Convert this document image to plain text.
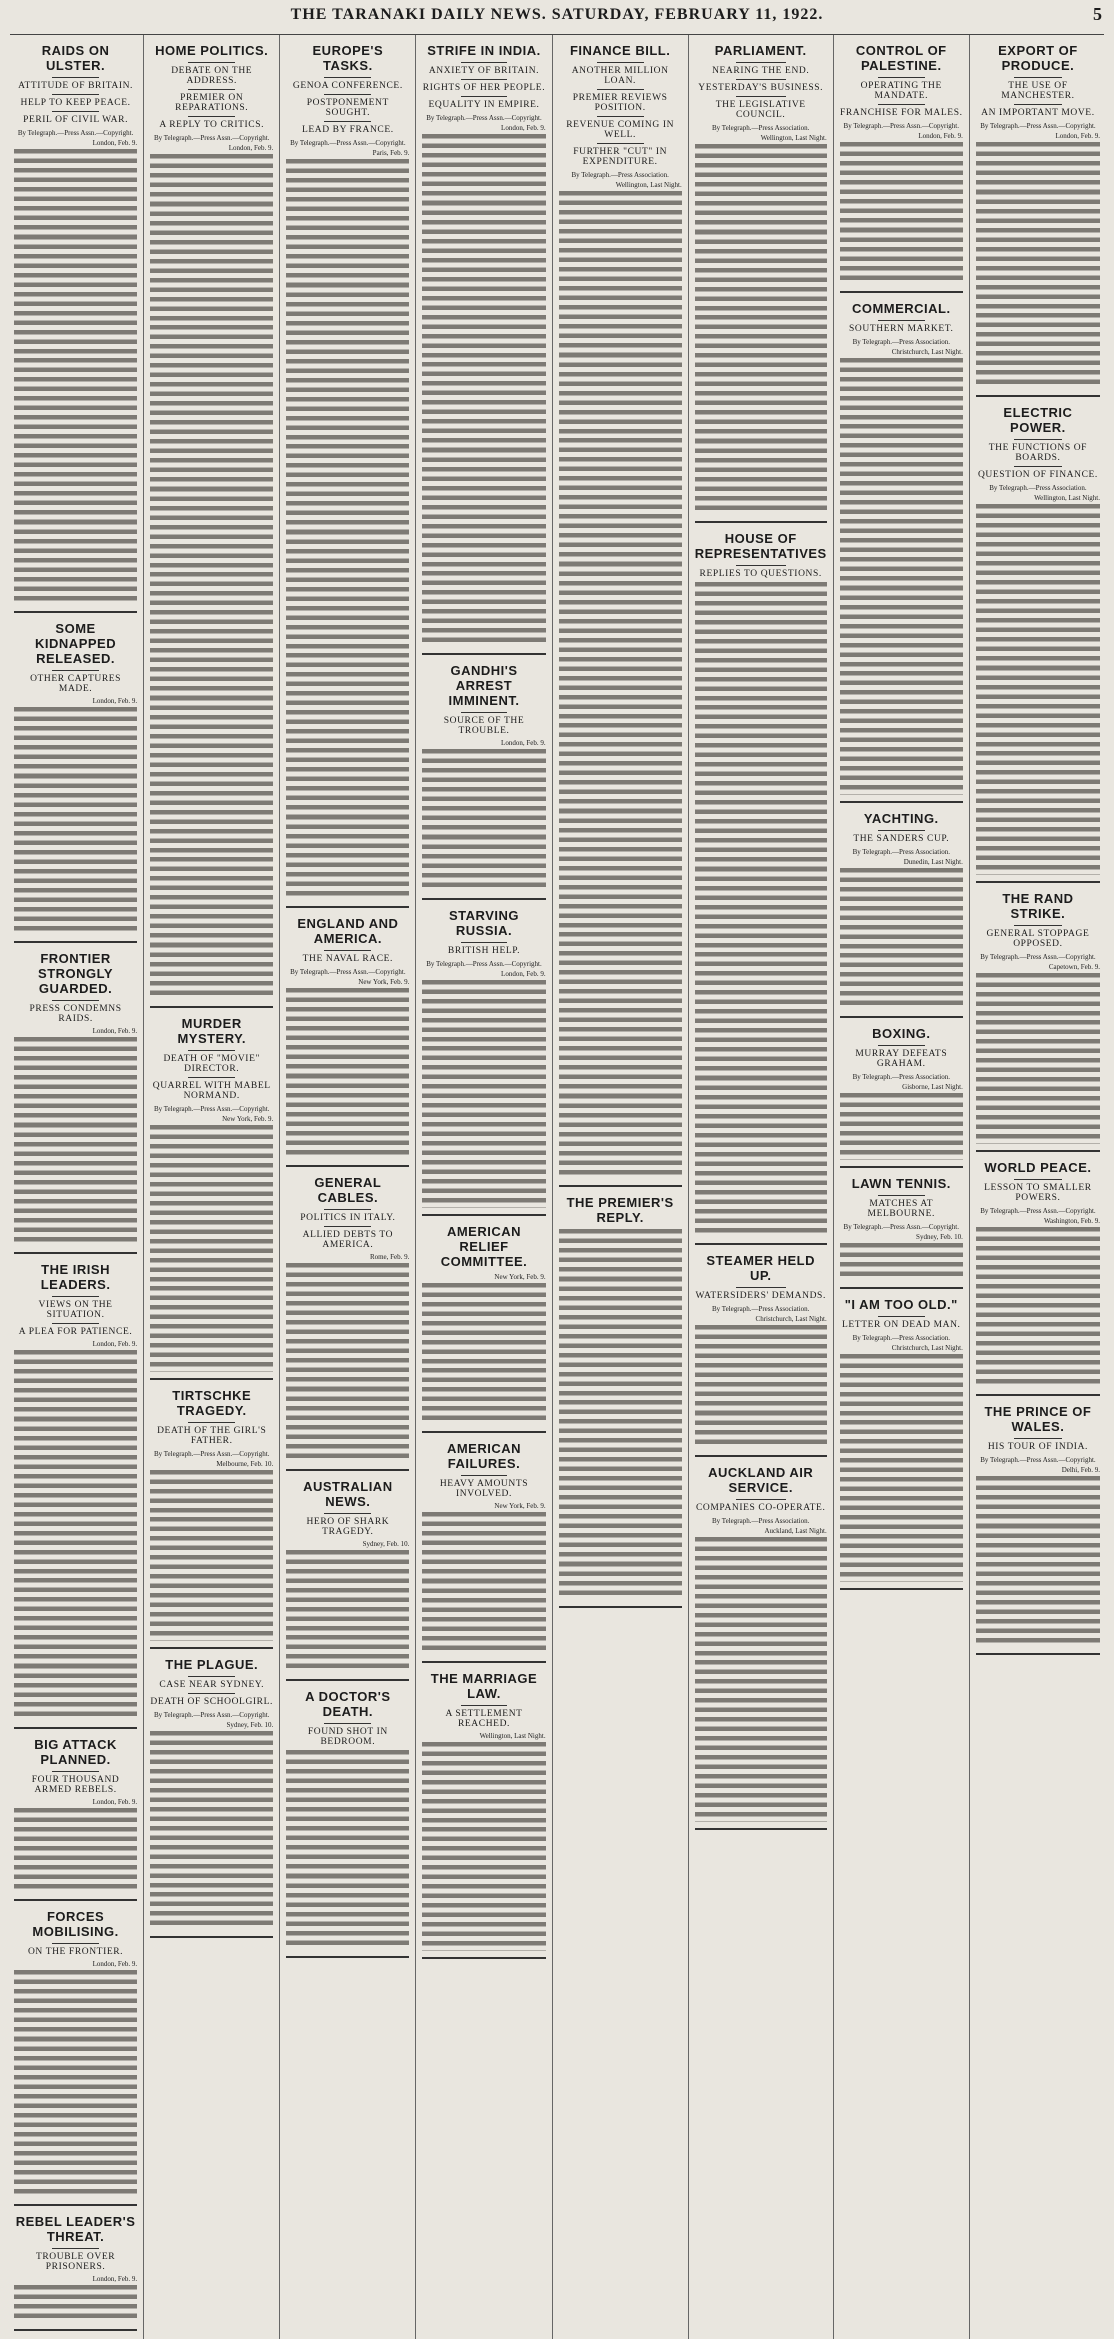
THE TARANAKI DAILY NEWS. SATURDAY, FEBRUARY 11, 1922.	5
RAIDS ON ULSTER.
ATTITUDE OF BRITAIN.
HELP TO KEEP PEACE.
PERIL OF CIVIL WAR.
By Telegraph.—Press Assn.—Copyright.
London, Feb. 9.

SOME KIDNAPPED RELEASED.
OTHER CAPTURES MADE.
London, Feb. 9.

FRONTIER STRONGLY GUARDED.
PRESS CONDEMNS RAIDS.
London, Feb. 9.

THE IRISH LEADERS.
VIEWS ON THE SITUATION.
A PLEA FOR PATIENCE.
London, Feb. 9.

BIG ATTACK PLANNED.
FOUR THOUSAND ARMED REBELS.
London, Feb. 9.

FORCES MOBILISING.
ON THE FRONTIER.
London, Feb. 9.

REBEL LEADER'S THREAT.
TROUBLE OVER PRISONERS.
London, Feb. 9.

HOME POLITICS.
DEBATE ON THE ADDRESS.
PREMIER ON REPARATIONS.
A REPLY TO CRITICS.
By Telegraph.—Press Assn.—Copyright.
London, Feb. 9.

MURDER MYSTERY.
DEATH OF "MOVIE" DIRECTOR.
QUARREL WITH MABEL NORMAND.
By Telegraph.—Press Assn.—Copyright.
New York, Feb. 9.

TIRTSCHKE TRAGEDY.
DEATH OF THE GIRL'S FATHER.
By Telegraph.—Press Assn.—Copyright.
Melbourne, Feb. 10.

THE PLAGUE.
CASE NEAR SYDNEY.
DEATH OF SCHOOLGIRL.
By Telegraph.—Press Assn.—Copyright.
Sydney, Feb. 10.

EUROPE'S TASKS.
GENOA CONFERENCE.
POSTPONEMENT SOUGHT.
LEAD BY FRANCE.
By Telegraph.—Press Assn.—Copyright.
Paris, Feb. 9.

ENGLAND AND AMERICA.
THE NAVAL RACE.
By Telegraph.—Press Assn.—Copyright.
New York, Feb. 9.

GENERAL CABLES.
POLITICS IN ITALY.
ALLIED DEBTS TO AMERICA.
Rome, Feb. 9.

AUSTRALIAN NEWS.
HERO OF SHARK TRAGEDY.
Sydney, Feb. 10.

A DOCTOR'S DEATH.
FOUND SHOT IN BEDROOM.

STRIFE IN INDIA.
ANXIETY OF BRITAIN.
RIGHTS OF HER PEOPLE.
EQUALITY IN EMPIRE.
By Telegraph.—Press Assn.—Copyright.
London, Feb. 9.

GANDHI'S ARREST IMMINENT.
SOURCE OF THE TROUBLE.
London, Feb. 9.

STARVING RUSSIA.
BRITISH HELP.
By Telegraph.—Press Assn.—Copyright.
London, Feb. 9.

AMERICAN RELIEF COMMITTEE.
New York, Feb. 9.

AMERICAN FAILURES.
HEAVY AMOUNTS INVOLVED.
New York, Feb. 9.

THE MARRIAGE LAW.
A SETTLEMENT REACHED.
Wellington, Last Night.

FINANCE BILL.
ANOTHER MILLION LOAN.
PREMIER REVIEWS POSITION.
REVENUE COMING IN WELL.
FURTHER "CUT" IN EXPENDITURE.
By Telegraph.—Press Association.
Wellington, Last Night.

THE PREMIER'S REPLY.

PARLIAMENT.
NEARING THE END.
YESTERDAY'S BUSINESS.
THE LEGISLATIVE COUNCIL.
By Telegraph.—Press Association.
Wellington, Last Night.

HOUSE OF REPRESENTATIVES
REPLIES TO QUESTIONS.

STEAMER HELD UP.
WATERSIDERS' DEMANDS.
By Telegraph.—Press Association.
Christchurch, Last Night.

AUCKLAND AIR SERVICE.
COMPANIES CO-OPERATE.
By Telegraph.—Press Association.
Auckland, Last Night.

CONTROL OF PALESTINE.
OPERATING THE MANDATE.
FRANCHISE FOR MALES.
By Telegraph.—Press Assn.—Copyright.
London, Feb. 9.

COMMERCIAL.
SOUTHERN MARKET.
By Telegraph.—Press Association.
Christchurch, Last Night.

YACHTING.
THE SANDERS CUP.
By Telegraph.—Press Association.
Dunedin, Last Night.

BOXING.
MURRAY DEFEATS GRAHAM.
By Telegraph.—Press Association.
Gisborne, Last Night.

LAWN TENNIS.
MATCHES AT MELBOURNE.
By Telegraph.—Press Assn.—Copyright.
Sydney, Feb. 10.

"I AM TOO OLD."
LETTER ON DEAD MAN.
By Telegraph.—Press Association.
Christchurch, Last Night.

EXPORT OF PRODUCE.
THE USE OF MANCHESTER.
AN IMPORTANT MOVE.
By Telegraph.—Press Assn.—Copyright.
London, Feb. 9.

ELECTRIC POWER.
THE FUNCTIONS OF BOARDS.
QUESTION OF FINANCE.
By Telegraph.—Press Association.
Wellington, Last Night.

THE RAND STRIKE.
GENERAL STOPPAGE OPPOSED.
By Telegraph.—Press Assn.—Copyright.
Capetown, Feb. 9.

WORLD PEACE.
LESSON TO SMALLER POWERS.
By Telegraph.—Press Assn.—Copyright.
Washington, Feb. 9.

THE PRINCE OF WALES.
HIS TOUR OF INDIA.
By Telegraph.—Press Assn.—Copyright.
Delhi, Feb. 9.
